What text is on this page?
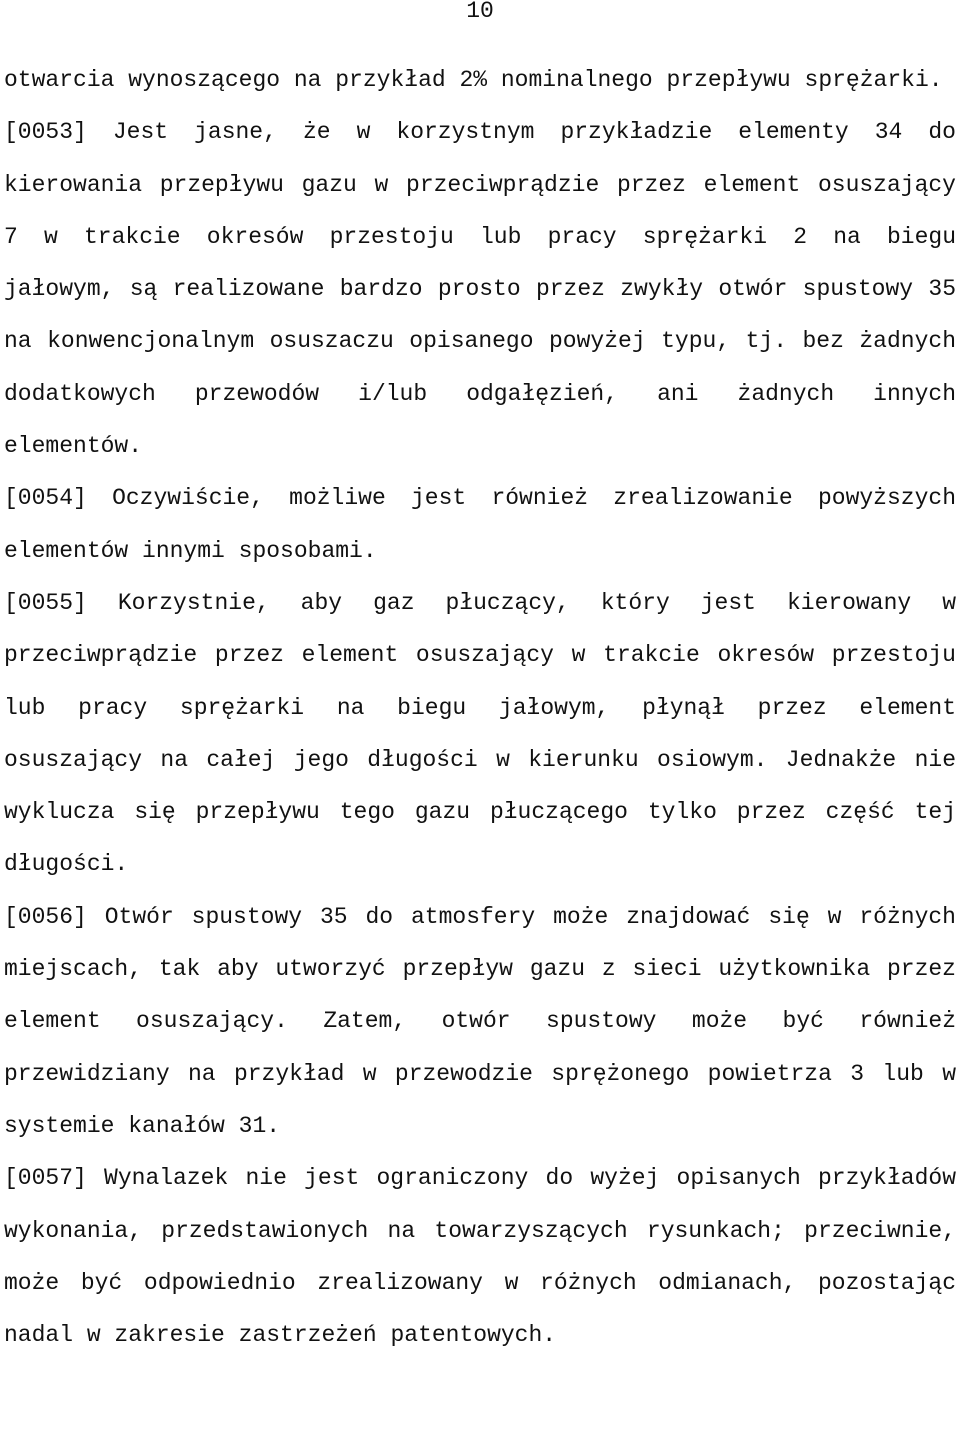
10

otwarcia wynoszącego na przykład 2% nominalnego przepływu sprężarki.

[0053] Jest jasne, że w korzystnym przykładzie elementy 34 do kierowania przepływu gazu w przeciwprądzie przez element osuszający 7 w trakcie okresów przestoju lub pracy sprężarki 2 na biegu jałowym, są realizowane bardzo prosto przez zwykły otwór spustowy 35 na konwencjonalnym osuszaczu opisanego powyżej typu, tj. bez żadnych dodatkowych przewodów i/lub odgałęzień, ani żadnych innych elementów.

[0054] Oczywiście, możliwe jest również zrealizowanie powyższych elementów innymi sposobami.

[0055] Korzystnie, aby gaz płuczący, który jest kierowany w przeciwprądzie przez element osuszający w trakcie okresów przestoju lub pracy sprężarki na biegu jałowym, płynął przez element osuszający na całej jego długości w kierunku osiowym. Jednakże nie wyklucza się przepływu tego gazu płuczącego tylko przez część tej długości.

[0056] Otwór spustowy 35 do atmosfery może znajdować się w różnych miejscach, tak aby utworzyć przepływ gazu z sieci użytkownika przez element osuszający. Zatem, otwór spustowy może być również przewidziany na przykład w przewodzie sprężonego powietrza 3 lub w systemie kanałów 31.

[0057] Wynalazek nie jest ograniczony do wyżej opisanych przykładów wykonania, przedstawionych na towarzyszących rysunkach; przeciwnie, może być odpowiednio zrealizowany w różnych odmianach, pozostając nadal w zakresie zastrzeżeń patentowych.
